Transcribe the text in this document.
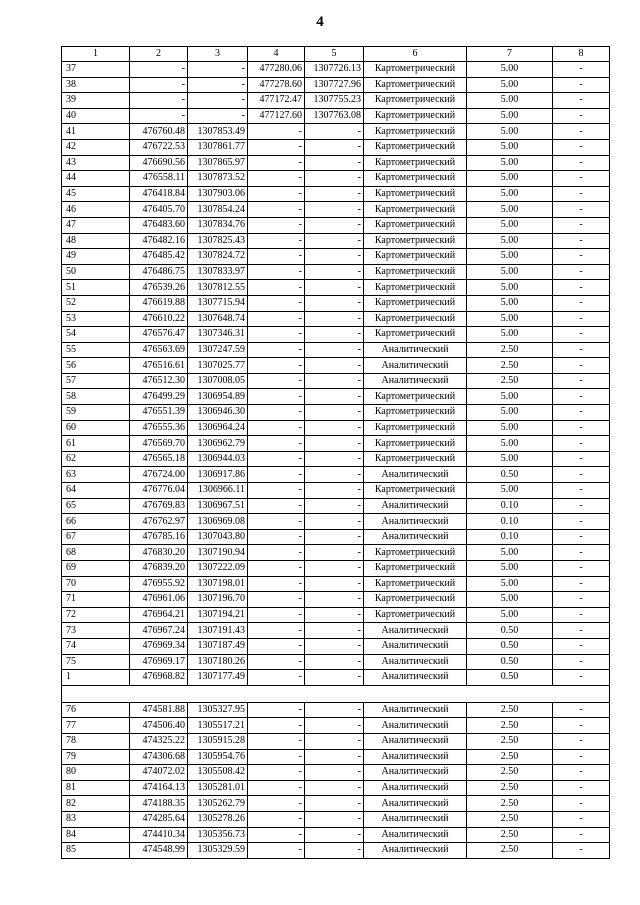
4
1	2	3	4	5	6	7	8
37	-	-	477280.06	1307726.13	Картометрический	5.00	-
38	-	-	477278.60	1307727.96	Картометрический	5.00	-
39	-	-	477172.47	1307755.23	Картометрический	5.00	-
40	-	-	477127.60	1307763.08	Картометрический	5.00	-
41	476760.48	1307853.49	-	-	Картометрический	5.00	-
42	476722.53	1307861.77	-	-	Картометрический	5.00	-
43	476690.56	1307865.97	-	-	Картометрический	5.00	-
44	476558.11	1307873.52	-	-	Картометрический	5.00	-
45	476418.84	1307903.06	-	-	Картометрический	5.00	-
46	476405.70	1307854.24	-	-	Картометрический	5.00	-
47	476483.60	1307834.76	-	-	Картометрический	5.00	-
48	476482.16	1307825.43	-	-	Картометрический	5.00	-
49	476485.42	1307824.72	-	-	Картометрический	5.00	-
50	476486.75	1307833.97	-	-	Картометрический	5.00	-
51	476539.26	1307812.55	-	-	Картометрический	5.00	-
52	476619.88	1307715.94	-	-	Картометрический	5.00	-
53	476610.22	1307648.74	-	-	Картометрический	5.00	-
54	476576.47	1307346.31	-	-	Картометрический	5.00	-
55	476563.69	1307247.59	-	-	Аналитический	2.50	-
56	476516.61	1307025.77	-	-	Аналитический	2.50	-
57	476512.30	1307008.05	-	-	Аналитический	2.50	-
58	476499.29	1306954.89	-	-	Картометрический	5.00	-
59	476551.39	1306946.30	-	-	Картометрический	5.00	-
60	476555.36	1306964.24	-	-	Картометрический	5.00	-
61	476569.70	1306962.79	-	-	Картометрический	5.00	-
62	476565.18	1306944.03	-	-	Картометрический	5.00	-
63	476724.00	1306917.86	-	-	Аналитический	0.50	-
64	476776.04	1306966.11	-	-	Картометрический	5.00	-
65	476769.83	1306967.51	-	-	Аналитический	0.10	-
66	476762.97	1306969.08	-	-	Аналитический	0.10	-
67	476785.16	1307043.80	-	-	Аналитический	0.10	-
68	476830.20	1307190.94	-	-	Картометрический	5.00	-
69	476839.20	1307222.09	-	-	Картометрический	5.00	-
70	476955.92	1307198.01	-	-	Картометрический	5.00	-
71	476961.06	1307196.70	-	-	Картометрический	5.00	-
72	476964.21	1307194.21	-	-	Картометрический	5.00	-
73	476967.24	1307191.43	-	-	Аналитический	0.50	-
74	476969.34	1307187.49	-	-	Аналитический	0.50	-
75	476969.17	1307180.26	-	-	Аналитический	0.50	-
1	476968.82	1307177.49	-	-	Аналитический	0.50	-

76	474581.88	1305327.95	-	-	Аналитический	2.50	-
77	474506.40	1305517.21	-	-	Аналитический	2.50	-
78	474325.22	1305915.28	-	-	Аналитический	2.50	-
79	474306.68	1305954.76	-	-	Аналитический	2.50	-
80	474072.02	1305508.42	-	-	Аналитический	2.50	-
81	474164.13	1305281.01	-	-	Аналитический	2.50	-
82	474188.35	1305262.79	-	-	Аналитический	2.50	-
83	474285.64	1305278.26	-	-	Аналитический	2.50	-
84	474410.34	1305356.73	-	-	Аналитический	2.50	-
85	474548.99	1305329.59	-	-	Аналитический	2.50	-
